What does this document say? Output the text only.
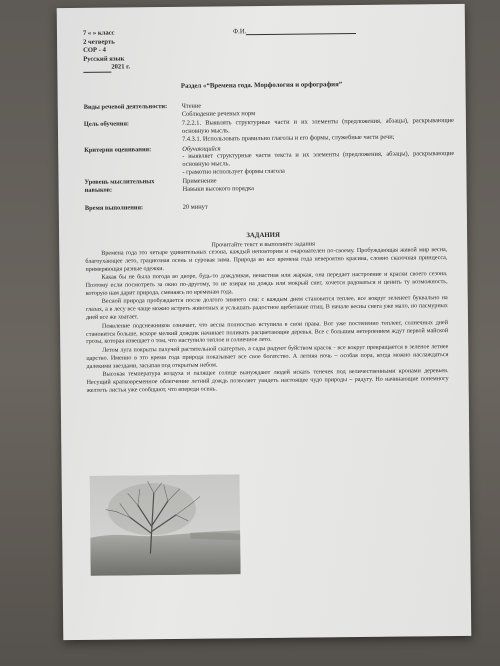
7 « » класс
2 четверть
СОР - 4
Русский язык
2021 г.
Ф.И.
Раздел «“Времена года. Морфология и орфография”
Виды речевой деятельности:	Чтение
Соблюдение речевых норм
Цель обучения:	7.2.2.1. Выявлять структурные части и их элементы (предложения, абзацы), раскрывающие основную мысль.
7.4.3.1. Использовать правильно глаголы и его формы, служебные части речи;
Критерии оценивания:	Обучающийся
- выявляет структурные части текста и их элементы (предложения, абзацы), раскрывающие основную мысль.
- грамотно использует формы глагола
Уровень мыслительных навыков:
Применение
Навыки высокого порядка
Время выполнения:	20 минут
ЗАДАНИЯ
Прочитайте текст и выполните задания

Времена года это четыре удивительных сезона, каждый неповторим и очарователен по-своему. Пробуждающая живой мир весна, благоухающее лето, грациозная осень и суровая зима. Природа во все времена года невероятно красива, словно сказочная принцесса, примеряющая разные одежки.

Какая бы не была погода во дворе, будь-то дождливая, ненастная или жаркая, она передает настроение и краски своего сезона. Поэтому если посмотреть за окно по-другому, то не взирая на дождь или мокрый снег, хочется радоваться и ценить ту возможность, которую нам дарит природа, сменяясь по временам года.

Весной природа пробуждается после долгого зимнего сна: с каждым днем становится теплее, все вокруг зеленеет буквально на глазах, а в лесу все чаще можно встреть животных и услышать радостное щебетание птиц. В начале весны снега уже мало, но пасмурных дней все же хватает.

Появление подснежников означает, что весна полностью вступила в свои права. Вот уже постепенно теплеет, солнечных дней становится больше, вскоре мелкий дождик начинает поливать расцветающие деревья. Все с большим нетерпением ждут первой майской грозы, которая извещает о том, что наступило теплое и солнечное лето.

Летом луга покрыты пахучей растительной скатертью, а сады радуют буйством красок - все вокруг превращается в зеленое летнее царство. Именно в это время года природа показывает все свое богатство. А летняя ночь – особая пора, когда можно наслаждаться далекими звездами, засыпая под открытым небом.

Высокая температура воздуха и палящее солнце вынуждают людей искать тенечек под величественными кронами деревьев. Несущий кратковременное облегчение летний дождь позволяет увидеть настоящее чудо природы – радугу. Но начинающие понемногу желтеть листья уже сообщают, что впереди осень.
